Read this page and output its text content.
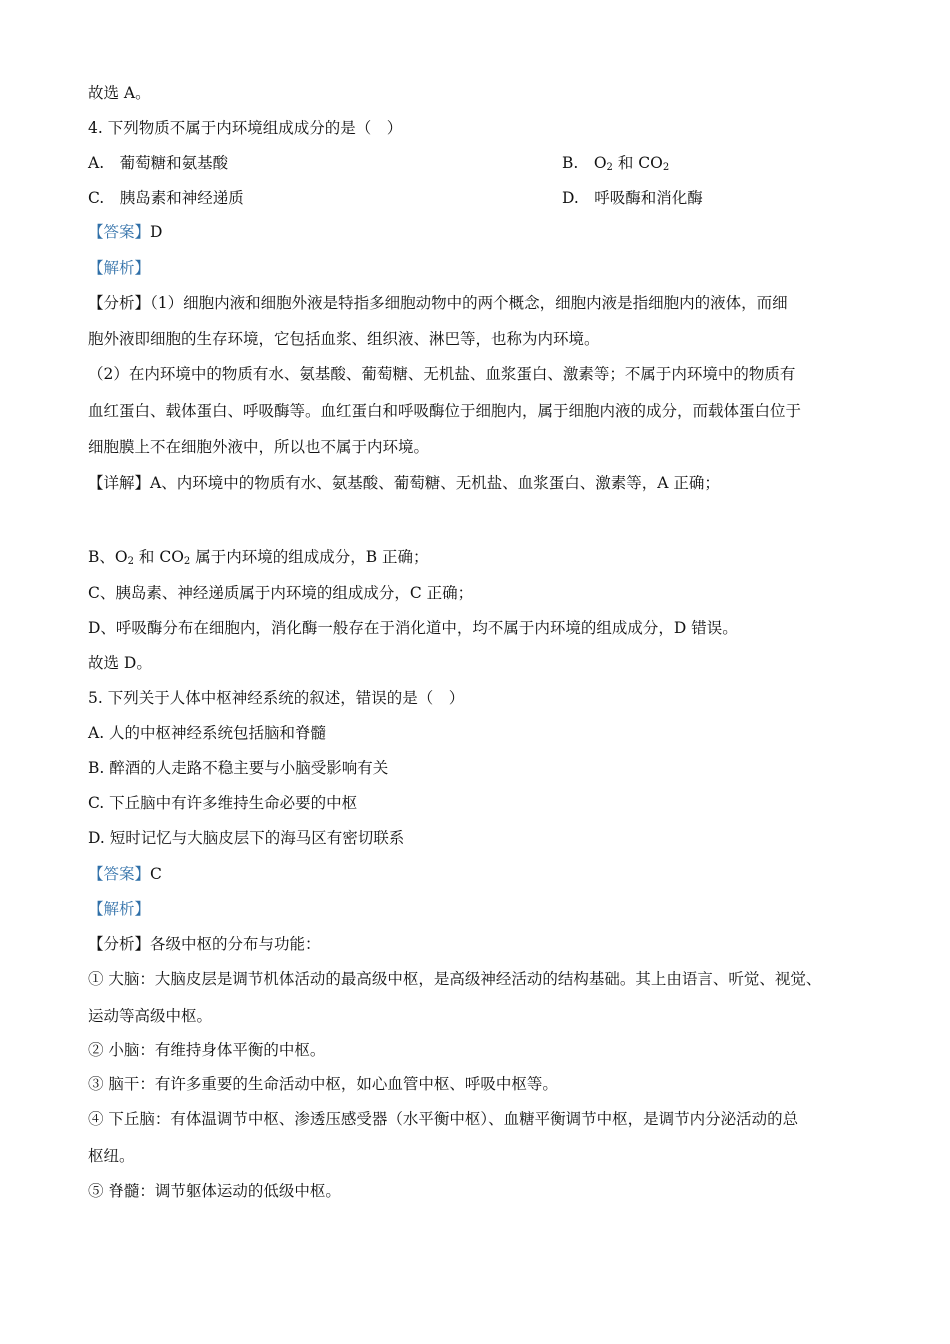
故选 A。
4. 下列物质不属于内环境组成成分的是（　）
A.　葡萄糖和氨基酸	B.　$O_2$ 和 $CO_2$
C.　胰岛素和神经递质	D.　呼吸酶和消化酶
【答案】D
【解析】
【分析】（1）细胞内液和细胞外液是特指多细胞动物中的两个概念，细胞内液是指细胞内的液体，而细
胞外液即细胞的生存环境，它包括血浆、组织液、淋巴等，也称为内环境。
（2）在内环境中的物质有水、氨基酸、葡萄糖、无机盐、血浆蛋白、激素等；不属于内环境中的物质有
血红蛋白、载体蛋白、呼吸酶等。血红蛋白和呼吸酶位于细胞内，属于细胞内液的成分，而载体蛋白位于
细胞膜上不在细胞外液中，所以也不属于内环境。
【详解】A、内环境中的物质有水、氨基酸、葡萄糖、无机盐、血浆蛋白、激素等，A 正确；
B、$O_2$ 和 $CO_2$ 属于内环境的组成成分，B 正确；
C、胰岛素、神经递质属于内环境的组成成分，C 正确；
D、呼吸酶分布在细胞内，消化酶一般存在于消化道中，均不属于内环境的组成成分，D 错误。
故选 D。
5. 下列关于人体中枢神经系统的叙述，错误的是（　）
A. 人的中枢神经系统包括脑和脊髓
B. 醉酒的人走路不稳主要与小脑受影响有关
C. 下丘脑中有许多维持生命必要的中枢
D. 短时记忆与大脑皮层下的海马区有密切联系
【答案】C
【解析】
【分析】各级中枢的分布与功能：
① 大脑：大脑皮层是调节机体活动的最高级中枢，是高级神经活动的结构基础。其上由语言、听觉、视觉、
运动等高级中枢。
② 小脑：有维持身体平衡的中枢。
③ 脑干：有许多重要的生命活动中枢，如心血管中枢、呼吸中枢等。
④ 下丘脑：有体温调节中枢、渗透压感受器（水平衡中枢）、血糖平衡调节中枢，是调节内分泌活动的总
枢纽。
⑤ 脊髓：调节躯体运动的低级中枢。
